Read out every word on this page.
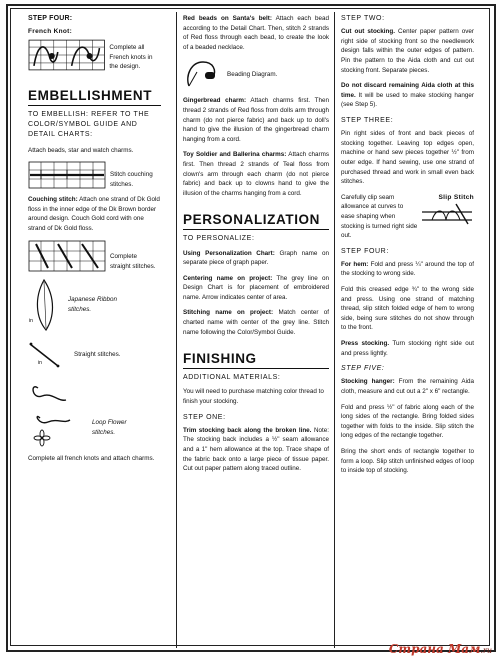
STEP FOUR:
French Knot:
Complete all French knots in the design.
EMBELLISHMENT
TO EMBELLISH: REFER TO THE COLOR/SYMBOL GUIDE AND DETAIL CHARTS:

Attach beads, star and watch charms.

Stitch couching stitches.

Couching stitch: Attach one strand of Dk Gold floss in the inner edge of the Dk Brown border around design. Couch Gold cord with one strand of Dk Gold floss.

Complete straight stitches.
in
Japanese Ribbon stitches.
in
Straight stitches.
Loop Flower stitches.

Complete all french knots and attach charms.

Red beads on Santa's belt: Attach each bead according to the Detail Chart. Then, stitch 2 strands of Red floss through each bead, to create the look of a beaded necklace.

Beading Diagram.

Gingerbread charm: Attach charms first. Then thread 2 strands of Red floss from dolls arm through charm (do not pierce fabric) and back up to doll's hand to give the illusion of the gingerbread charm hanging from a cord.

Toy Soldier and Ballerina charms: Attach charms first. Then thread 2 strands of Teal floss from clown's arm through each charm (do not pierce fabric) and back up to clowns hand to give the illusion of the charms hanging from a cord.

PERSONALIZATION
TO PERSONALIZE:

Using Personalization Chart: Graph name on separate piece of graph paper.

Centering name on project: The grey line on Design Chart is for placement of embroidered name. Arrow indicates center of area.

Stitching name on project: Match center of charted name with center of the grey line. Stitch name following the Color/Symbol Guide.

FINISHING
ADDITIONAL MATERIALS:

You will need to purchase matching color thread to finish your stocking.

STEP ONE:

Trim stocking back along the broken line. Note: The stocking back includes a ½" seam allowance and a 1" hem allowance at the top. Trace shape of the fabric back onto a large piece of tissue paper. Cut out paper pattern along traced outline.

STEP TWO:

Cut out stocking. Center paper pattern over right side of stocking front so the needlework design falls within the outer edges of pattern. Pin the pattern to the Aida cloth and cut out stocking front. Separate pieces.

Do not discard remaining Aida cloth at this time. It will be used to make stocking hanger (see Step 5).

STEP THREE:

Pin right sides of front and back pieces of stocking together. Leaving top edges open, machine or hand sew pieces together ½" from outer edge. If hand sewing, use one strand of purchased thread and work in small even back stitches.

Carefully clip seam allowance at curves to ease shaping when stocking is turned right side out.
Slip Stitch
STEP FOUR:

For hem: Fold and press ¼" around the top of the stocking to wrong side.

Fold this creased edge ¾" to the wrong side and press. Using one strand of matching thread, slip stitch folded edge of hem to wrong side, being sure stitches do not show through to the front.

Press stocking. Turn stocking right side out and press lightly.

STEP FIVE:

Stocking hanger: From the remaining Aida cloth, measure and cut out a 2" x 6" rectangle.

Fold and press ½" of fabric along each of the long sides of the rectangle. Bring folded sides together with folds to the inside. Slip stitch the long edges of the rectangle together.

Bring the short ends of rectangle together to form a loop. Slip stitch unfinished edges of loop to inside top of stocking.

Страна Мам.ru
